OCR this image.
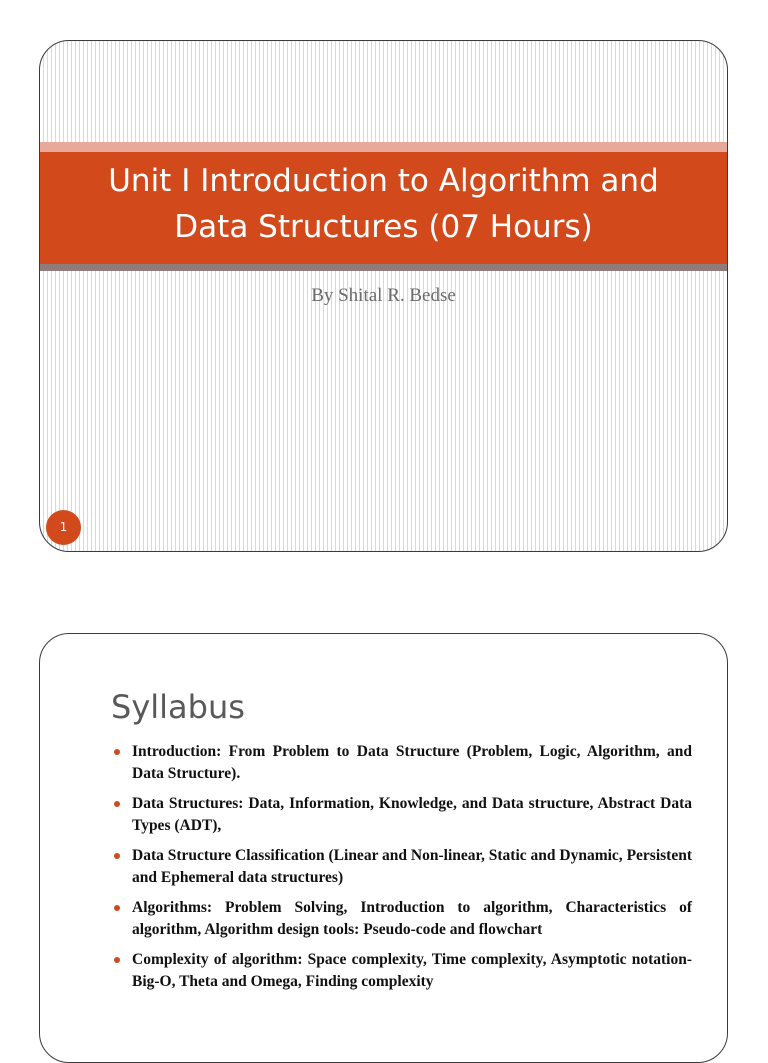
Unit I Introduction to Algorithm and
Data Structures (07 Hours)
By Shital R. Bedse
1
Syllabus
Introduction: From Problem to Data Structure (Problem, Logic, Algorithm, and Data Structure).
Data Structures: Data, Information, Knowledge, and Data structure, Abstract Data Types (ADT),
Data Structure Classification (Linear and Non-linear, Static and Dynamic, Persistent and Ephemeral data structures)
Algorithms: Problem Solving, Introduction to algorithm, Characteristics of algorithm, Algorithm design tools: Pseudo-code and flowchart
Complexity of algorithm: Space complexity, Time complexity, Asymptotic notation- Big-O, Theta and Omega, Finding complexity
